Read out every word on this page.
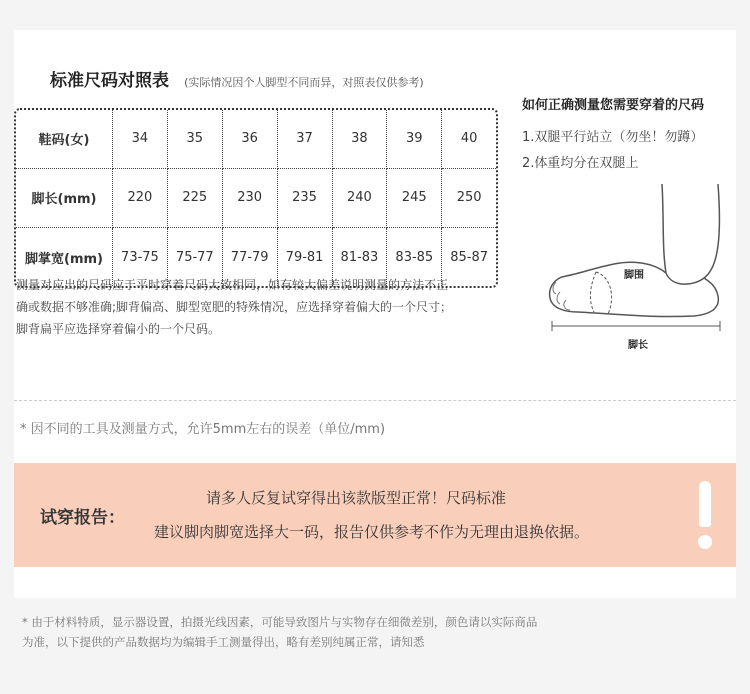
标准尺码对照表 (实际情况因个人脚型不同而异，对照表仅供参考)
鞋码(女)	34	35	36	37	38	39	40
脚长(mm)	220	225	230	235	240	245	250
脚掌宽(mm)	73-75	75-77	77-79	79-81	81-83	83-85	85-87
测量对应出的尺码应于平时穿着尺码大致相同，如有较大偏差说明测量的方法不正
确或数据不够准确;脚背偏高、脚型宽肥的特殊情况，应选择穿着偏大的一个尺寸；
脚背扁平应选择穿着偏小的一个尺码。
如何正确测量您需要穿着的尺码
1.双腿平行站立（勿坐！勿蹲）
2.体重均分在双腿上
脚围
脚长
* 因不同的工具及测量方式，允许5mm左右的误差（单位/mm)
试穿报告：
请多人反复试穿得出该款版型正常！尺码标准
建议脚肉脚宽选择大一码，报告仅供参考不作为无理由退换依据。
* 由于材料特质，显示器设置，拍摄光线因素，可能导致图片与实物存在细微差别，颜色请以实际商品
为准，以下提供的产品数据均为编辑手工测量得出，略有差别纯属正常，请知悉
